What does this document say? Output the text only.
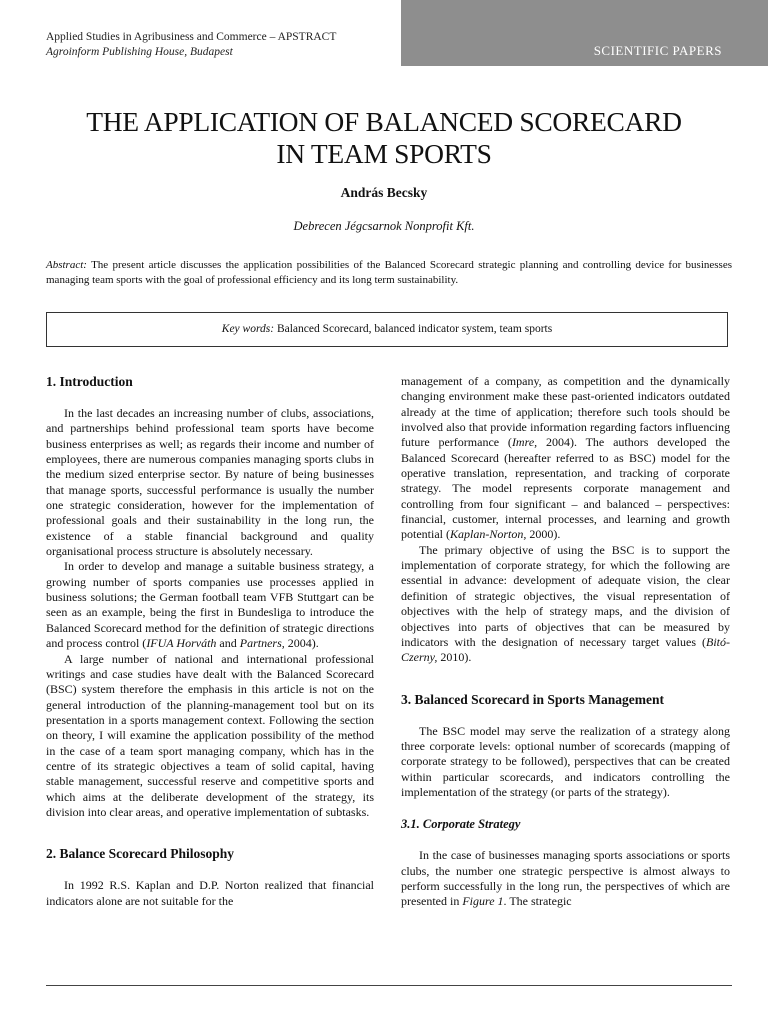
Applied Studies in Agribusiness and Commerce – APSTRACT
Agroinform Publishing House, Budapest	SCIENTIFIC PAPERS
THE APPLICATION OF BALANCED SCORECARD
IN TEAM SPORTS
András Becsky
Debrecen Jégcsarnok Nonprofit Kft.
Abstract: The present article discusses the application possibilities of the Balanced Scorecard strategic planning and controlling device for businesses managing team sports with the goal of professional efficiency and its long term sustainability.
Key words: Balanced Scorecard, balanced indicator system, team sports
1. Introduction

In the last decades an increasing number of clubs, associations, and partnerships behind professional team sports have become business enterprises as well; as regards their income and number of employees, there are numerous companies managing sports clubs in the medium sized enterprise sector. By nature of being businesses that manage sports, successful performance is usually the number one strategic consideration, however for the implementation of professional goals and their sustainability in the long run, the existence of a stable financial background and quality organisational process structure is absolutely necessary.

In order to develop and manage a suitable business strategy, a growing number of sports companies use processes applied in business solutions; the German football team VFB Stuttgart can be seen as an example, being the first in Bundesliga to introduce the Balanced Scorecard method for the definition of strategic directions and process control (IFUA Horváth and Partners, 2004).

A large number of national and international professional writings and case studies have dealt with the Balanced Scorecard (BSC) system therefore the emphasis in this article is not on the general introduction of the planning-management tool but on its presentation in a sports management context. Following the section on theory, I will examine the application possibility of the method in the case of a team sport managing company, which has in the centre of its strategic objectives a team of solid capital, having stable management, successful reserve and competitive sports and which aims at the deliberate development of the strategy, its division into clear areas, and operative implementation of subtasks.

2. Balance Scorecard Philosophy

In 1992 R.S. Kaplan and D.P. Norton realized that financial indicators alone are not suitable for the

management of a company, as competition and the dynamically changing environment make these past-oriented indicators outdated already at the time of application; therefore such tools should be involved also that provide information regarding factors influencing future performance (Imre, 2004). The authors developed the Balanced Scorecard (hereafter referred to as BSC) model for the operative translation, representation, and tracking of corporate strategy. The model represents corporate management and controlling from four significant – and balanced – perspectives: financial, customer, internal processes, and learning and growth potential (Kaplan-Norton, 2000).

The primary objective of using the BSC is to support the implementation of corporate strategy, for which the following are essential in advance: development of adequate vision, the clear definition of strategic objectives, the visual representation of objectives with the help of strategy maps, and the division of objectives into parts of objectives that can be measured by indicators with the designation of necessary target values (Bitó-Czerny, 2010).

3. Balanced Scorecard in Sports Management

The BSC model may serve the realization of a strategy along three corporate levels: optional number of scorecards (mapping of corporate strategy to be followed), perspectives that can be created within particular scorecards, and indicators controlling the implementation of the strategy (or parts of the strategy).

3.1. Corporate Strategy

In the case of businesses managing sports associations or sports clubs, the number one strategic perspective is almost always to perform successfully in the long run, the perspectives of which are presented in Figure 1. The strategic
